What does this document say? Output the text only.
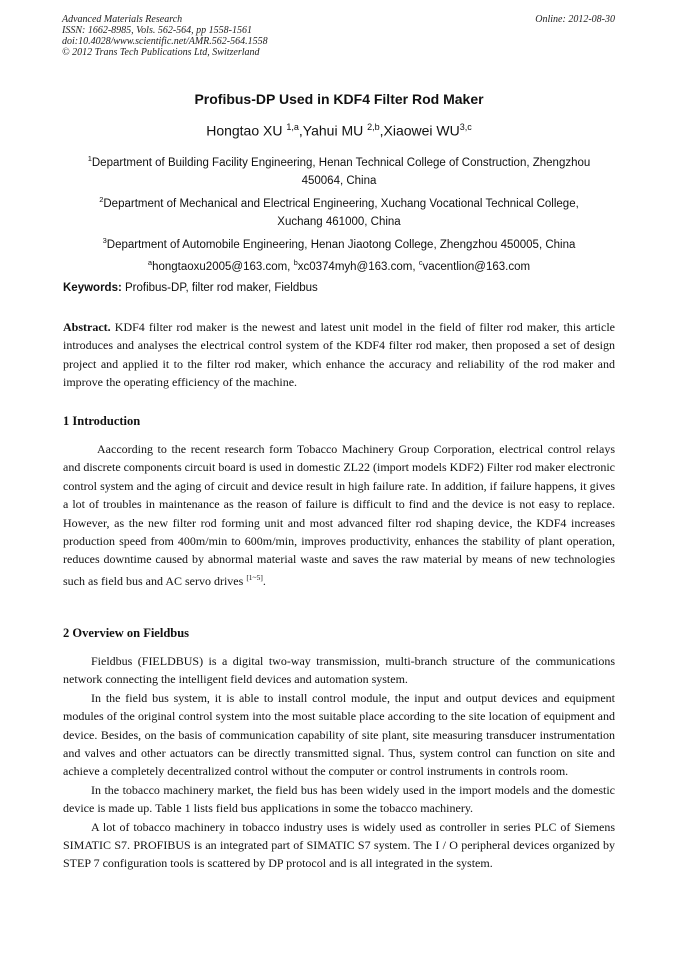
Advanced Materials Research
ISSN: 1662-8985, Vols. 562-564, pp 1558-1561
doi:10.4028/www.scientific.net/AMR.562-564.1558
© 2012 Trans Tech Publications Ltd, Switzerland
Online: 2012-08-30
Profibus-DP Used in KDF4 Filter Rod Maker
Hongtao XU $^{1,a}$,Yahui MU $^{2,b}$,Xiaowei WU$^{3,c}$
$^1$Department of Building Facility Engineering, Henan Technical College of Construction, Zhengzhou
450064, China
$^2$Department of Mechanical and Electrical Engineering, Xuchang Vocational Technical College,
Xuchang 461000, China
$^3$Department of Automobile Engineering, Henan Jiaotong College, Zhengzhou 450005, China
$^a$hongtaoxu2005@163.com, $^b$xc0374myh@163.com, $^c$vacentlion@163.com
Keywords: Profibus-DP, filter rod maker, Fieldbus
Abstract. KDF4 filter rod maker is the newest and latest unit model in the field of filter rod maker, this article introduces and analyses the electrical control system of the KDF4 filter rod maker, then proposed a set of design project and applied it to the filter rod maker, which enhance the accuracy and reliability of the rod maker and improve the operating efficiency of the machine.
1 Introduction
Aaccording to the recent research form Tobacco Machinery Group Corporation, electrical control relays and discrete components circuit board is used in domestic ZL22 (import models KDF2) Filter rod maker electronic control system and the aging of circuit and device result in high failure rate. In addition, if failure happens, it gives a lot of troubles in maintenance as the reason of failure is difficult to find and the device is not easy to replace. However, as the new filter rod forming unit and most advanced filter rod shaping device, the KDF4 increases production speed from 400m/min to 600m/min, improves productivity, enhances the stability of plant operation, reduces downtime caused by abnormal material waste and saves the raw material by means of new technologies such as field bus and AC servo drives [1~5].
2 Overview on Fieldbus

Fieldbus (FIELDBUS) is a digital two-way transmission, multi-branch structure of the communications network connecting the intelligent field devices and automation system.

In the field bus system, it is able to install control module, the input and output devices and equipment modules of the original control system into the most suitable place according to the site location of equipment and device. Besides, on the basis of communication capability of site plant, site measuring transducer instrumentation and valves and other actuators can be directly transmitted signal. Thus, system control can function on site and achieve a completely decentralized control without the computer or control instruments in controls room.

In the tobacco machinery market, the field bus has been widely used in the import models and the domestic device is made up. Table 1 lists field bus applications in some the tobacco machinery.

A lot of tobacco machinery in tobacco industry uses is widely used as controller in series PLC of Siemens SIMATIC S7. PROFIBUS is an integrated part of SIMATIC S7 system. The I / O peripheral devices organized by STEP 7 configuration tools is scattered by DP protocol and is all integrated in the system.
